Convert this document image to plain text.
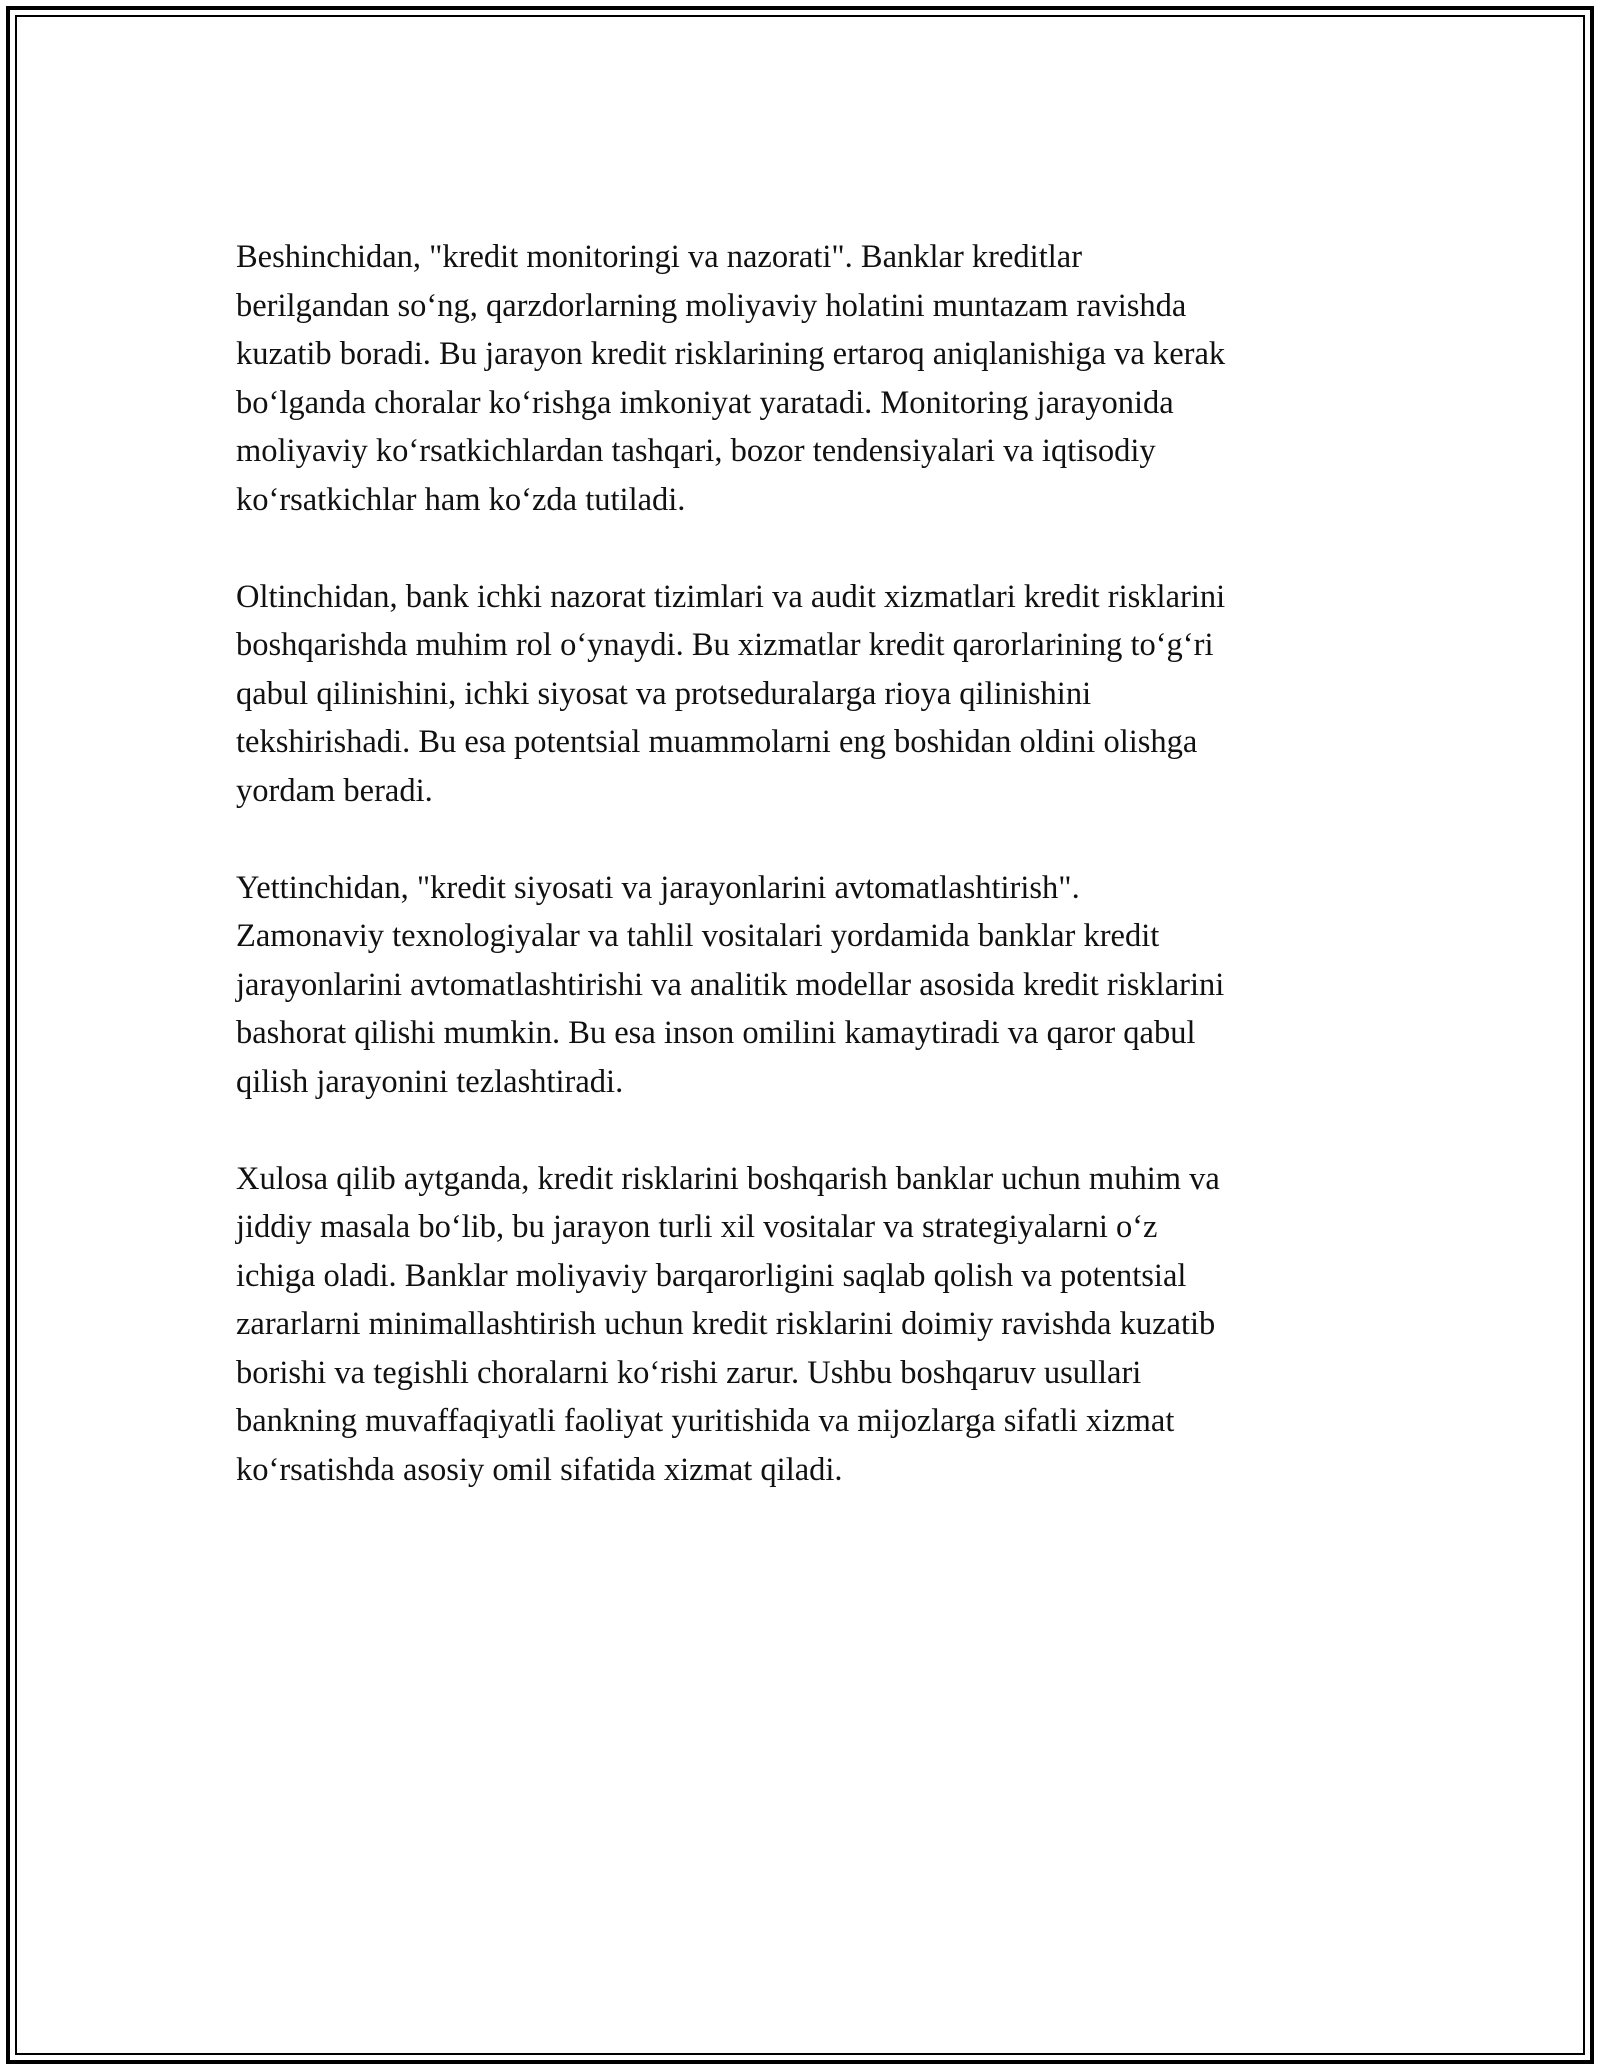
Beshinchidan, "kredit monitoringi va nazorati". Banklar kreditlar
berilgandan so‘ng, qarzdorlarning moliyaviy holatini muntazam ravishda
kuzatib boradi. Bu jarayon kredit risklarining ertaroq aniqlanishiga va kerak
bo‘lganda choralar ko‘rishga imkoniyat yaratadi. Monitoring jarayonida
moliyaviy ko‘rsatkichlardan tashqari, bozor tendensiyalari va iqtisodiy
ko‘rsatkichlar ham ko‘zda tutiladi.

Oltinchidan, bank ichki nazorat tizimlari va audit xizmatlari kredit risklarini
boshqarishda muhim rol o‘ynaydi. Bu xizmatlar kredit qarorlarining to‘g‘ri
qabul qilinishini, ichki siyosat va protseduralarga rioya qilinishini
tekshirishadi. Bu esa potentsial muammolarni eng boshidan oldini olishga
yordam beradi.

Yettinchidan, "kredit siyosati va jarayonlarini avtomatlashtirish".
Zamonaviy texnologiyalar va tahlil vositalari yordamida banklar kredit
jarayonlarini avtomatlashtirishi va analitik modellar asosida kredit risklarini
bashorat qilishi mumkin. Bu esa inson omilini kamaytiradi va qaror qabul
qilish jarayonini tezlashtiradi.

Xulosa qilib aytganda, kredit risklarini boshqarish banklar uchun muhim va
jiddiy masala bo‘lib, bu jarayon turli xil vositalar va strategiyalarni o‘z
ichiga oladi. Banklar moliyaviy barqarorligini saqlab qolish va potentsial
zararlarni minimallashtirish uchun kredit risklarini doimiy ravishda kuzatib
borishi va tegishli choralarni ko‘rishi zarur. Ushbu boshqaruv usullari
bankning muvaffaqiyatli faoliyat yuritishida va mijozlarga sifatli xizmat
ko‘rsatishda asosiy omil sifatida xizmat qiladi.
